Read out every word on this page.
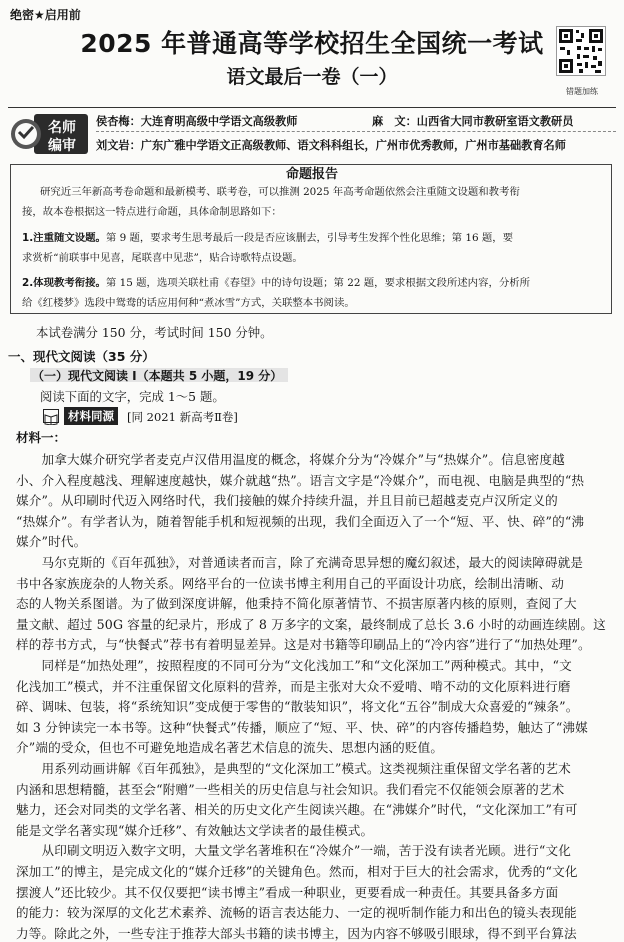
绝密★启用前
2025 年普通高等学校招生全国统一考试
语文最后一卷（一）
错题加练
名师
编审
侯杏梅：大连育明高级中学语文高级教师	麻　文：山西省大同市教研室语文教研员
刘文岩：广东广雅中学语文正高级教师、语文科科组长，广州市优秀教师，广州市基础教育名师
命题报告
研究近三年新高考卷命题和最新模考、联考卷，可以推测 2025 年高考命题依然会注重随文设题和教考衔
接，故本卷根据这一特点进行命题，具体命制思路如下：
1.注重随文设题。第 9 题，要求考生思考最后一段是否应该删去，引导考生发挥个性化思维；第 16 题，要
求赏析“前联事中见喜，尾联喜中见悲”，贴合诗歌特点设题。
2.体现教考衔接。第 15 题，选项关联杜甫《春望》中的诗句设题；第 22 题，要求根据文段所述内容，分析所
给《红楼梦》选段中鸳鸯的话应用何种“煮冰雪”方式，关联整本书阅读。
本试卷满分 150 分，考试时间 150 分钟。
一、现代文阅读（35 分）
（一）现代文阅读 I（本题共 5 小题，19 分）
阅读下面的文字，完成 1～5 题。
材料同源	[同 2021 新高考Ⅱ卷]
材料一：
　　加拿大媒介研究学者麦克卢汉借用温度的概念，将媒介分为“冷媒介”与“热媒介”。信息密度越
小、介入程度越浅、理解速度越快，媒介就越“热”。语言文字是“冷媒介”，而电视、电脑是典型的“热
媒介”。从印刷时代迈入网络时代，我们接触的媒介持续升温，并且目前已超越麦克卢汉所定义的
“热媒介”。有学者认为，随着智能手机和短视频的出现，我们全面迈入了一个“短、平、快、碎”的“沸
媒介”时代。
　　马尔克斯的《百年孤独》，对普通读者而言，除了充满奇思异想的魔幻叙述，最大的阅读障碍就是
书中各家族庞杂的人物关系。网络平台的一位读书博主利用自己的平面设计功底，绘制出清晰、动
态的人物关系图谱。为了做到深度讲解，他秉持不简化原著情节、不损害原著内核的原则，查阅了大
量文献、超过 50G 容量的纪录片，形成了 8 万多字的文案，最终制成了总长 3.6 小时的动画连续剧。这
样的荐书方式，与“快餐式”荐书有着明显差异。这是对书籍等印刷品上的“冷内容”进行了“加热处理”。
　　同样是“加热处理”，按照程度的不同可分为“文化浅加工”和“文化深加工”两种模式。其中，“文
化浅加工”模式，并不注重保留文化原料的营养，而是主张对大众不爱啃、啃不动的文化原料进行磨
碎、调味、包装，将“系统知识”变成便于零售的“散装知识”，将文化“五谷”制成大众喜爱的“辣条”。
如 3 分钟读完一本书等。这种“快餐式”传播，顺应了“短、平、快、碎”的内容传播趋势，触达了“沸媒
介”端的受众，但也不可避免地造成名著艺术信息的流失、思想内涵的贬值。
　　用系列动画讲解《百年孤独》，是典型的“文化深加工”模式。这类视频注重保留文学名著的艺术
内涵和思想精髓，甚至会“附赠”一些相关的历史信息与社会知识。我们看完不仅能领会原著的艺术
魅力，还会对同类的文学名著、相关的历史文化产生阅读兴趣。在“沸媒介”时代，“文化深加工”有可
能是文学名著实现“媒介迁移”、有效触达文学读者的最佳模式。
　　从印刷文明迈入数字文明，大量文学名著堆积在“冷媒介”一端，苦于没有读者光顾。进行“文化
深加工”的博主，是完成文化的“媒介迁移”的关键角色。然而，相对于巨大的社会需求，优秀的“文化
摆渡人”还比较少。其不仅仅要把“读书博主”看成一种职业，更要看成一种责任。其要具备多方面
的能力：较为深厚的文化艺术素养、流畅的语言表达能力、一定的视听制作能力和出色的镜头表现能
力等。除此之外，一些专注于推荐大部头书籍的读书博主，因为内容不够吸引眼球，得不到平台算法
